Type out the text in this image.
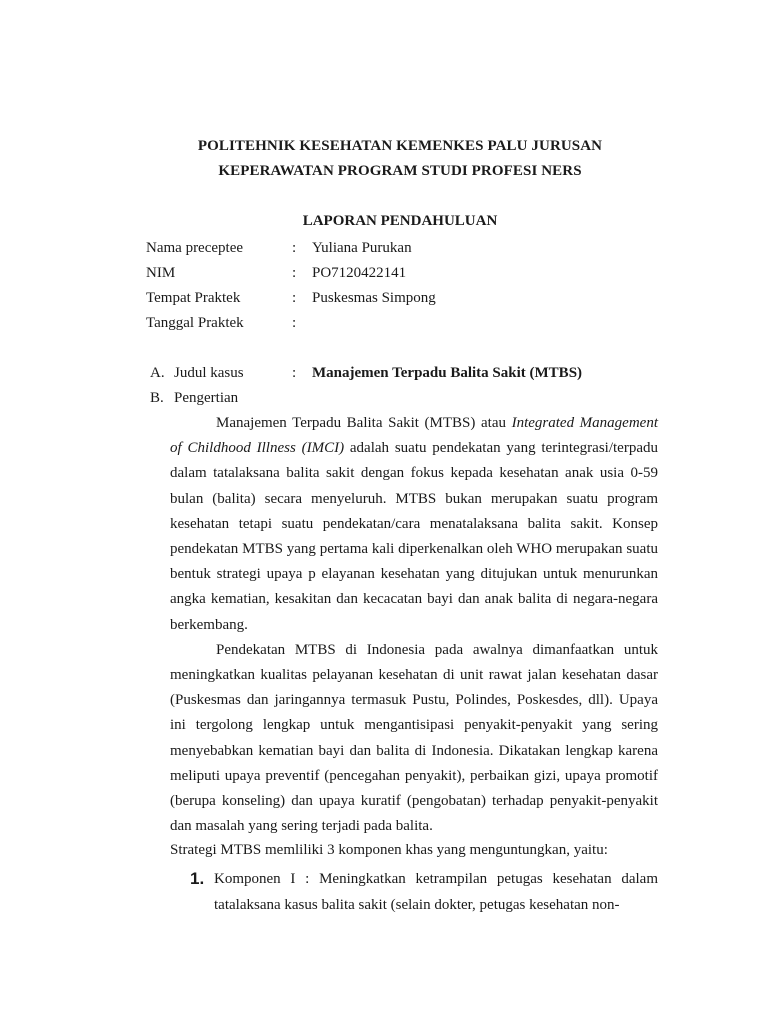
POLITEHNIK KESEHATAN KEMENKES PALU JURUSAN
KEPERAWATAN PROGRAM STUDI PROFESI NERS
LAPORAN PENDAHULUAN
Nama preceptee	: Yuliana Purukan
NIM	: PO7120422141
Tempat Praktek	: Puskesmas Simpong
Tanggal Praktek	:
A. Judul kasus	: Manajemen Terpadu Balita Sakit (MTBS)
B. Pengertian

Manajemen Terpadu Balita Sakit (MTBS) atau Integrated Management of Childhood Illness (IMCI) adalah suatu pendekatan yang terintegrasi/terpadu dalam tatalaksana balita sakit dengan fokus kepada kesehatan anak usia 0-59 bulan (balita) secara menyeluruh. MTBS bukan merupakan suatu program kesehatan tetapi suatu pendekatan/cara menatalaksana balita sakit. Konsep pendekatan MTBS yang pertama kali diperkenalkan oleh WHO merupakan suatu bentuk strategi upaya p elayanan kesehatan yang ditujukan untuk menurunkan angka kematian, kesakitan dan kecacatan bayi dan anak balita di negara-negara berkembang.

Pendekatan MTBS di Indonesia pada awalnya dimanfaatkan untuk meningkatkan kualitas pelayanan kesehatan di unit rawat jalan kesehatan dasar (Puskesmas dan jaringannya termasuk Pustu, Polindes, Poskesdes, dll). Upaya ini tergolong lengkap untuk mengantisipasi penyakit-penyakit yang sering menyebabkan kematian bayi dan balita di Indonesia. Dikatakan lengkap karena meliputi upaya preventif (pencegahan penyakit), perbaikan gizi, upaya promotif (berupa konseling) dan upaya kuratif (pengobatan) terhadap penyakit-penyakit dan masalah yang sering terjadi pada balita.

Strategi MTBS memliliki 3 komponen khas yang menguntungkan, yaitu:
1. Komponen I : Meningkatkan ketrampilan petugas kesehatan dalam tatalaksana kasus balita sakit (selain dokter, petugas kesehatan non-
